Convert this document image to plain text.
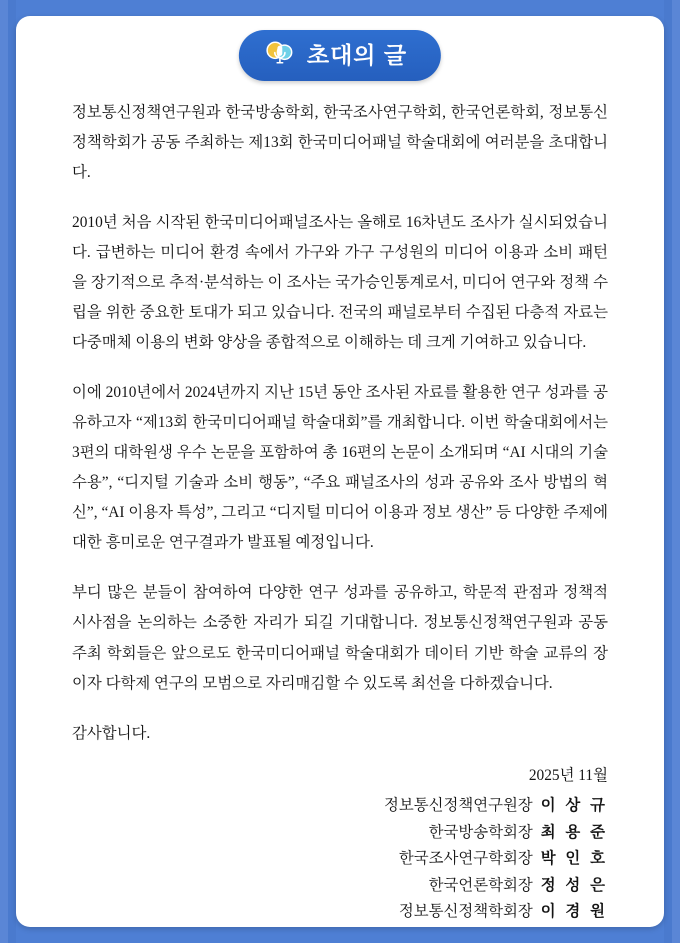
초대의 글

정보통신정책연구원과 한국방송학회, 한국조사연구학회, 한국언론학회, 정보통신정책학회가 공동 주최하는 제13회 한국미디어패널 학술대회에 여러분을 초대합니다.

2010년 처음 시작된 한국미디어패널조사는 올해로 16차년도 조사가 실시되었습니다. 급변하는 미디어 환경 속에서 가구와 가구 구성원의 미디어 이용과 소비 패턴을 장기적으로 추적·분석하는 이 조사는 국가승인통계로서, 미디어 연구와 정책 수립을 위한 중요한 토대가 되고 있습니다. 전국의 패널로부터 수집된 다층적 자료는 다중매체 이용의 변화 양상을 종합적으로 이해하는 데 크게 기여하고 있습니다.

이에 2010년에서 2024년까지 지난 15년 동안 조사된 자료를 활용한 연구 성과를 공유하고자 “제13회 한국미디어패널 학술대회”를 개최합니다. 이번 학술대회에서는 3편의 대학원생 우수 논문을 포함하여 총 16편의 논문이 소개되며 “AI 시대의 기술 수용”, “디지털 기술과 소비 행동”, “주요 패널조사의 성과 공유와 조사 방법의 혁신”, “AI 이용자 특성”, 그리고 “디지털 미디어 이용과 정보 생산” 등 다양한 주제에 대한 흥미로운 연구결과가 발표될 예정입니다.

부디 많은 분들이 참여하여 다양한 연구 성과를 공유하고, 학문적 관점과 정책적 시사점을 논의하는 소중한 자리가 되길 기대합니다. 정보통신정책연구원과 공동 주최 학회들은 앞으로도 한국미디어패널 학술대회가 데이터 기반 학술 교류의 장이자 다학제 연구의 모범으로 자리매김할 수 있도록 최선을 다하겠습니다.

감사합니다.

2025년 11월
정보통신정책연구원장 이 상 규
한국방송학회장 최 용 준
한국조사연구학회장 박 인 호
한국언론학회장 정 성 은
정보통신정책학회장 이 경 원
